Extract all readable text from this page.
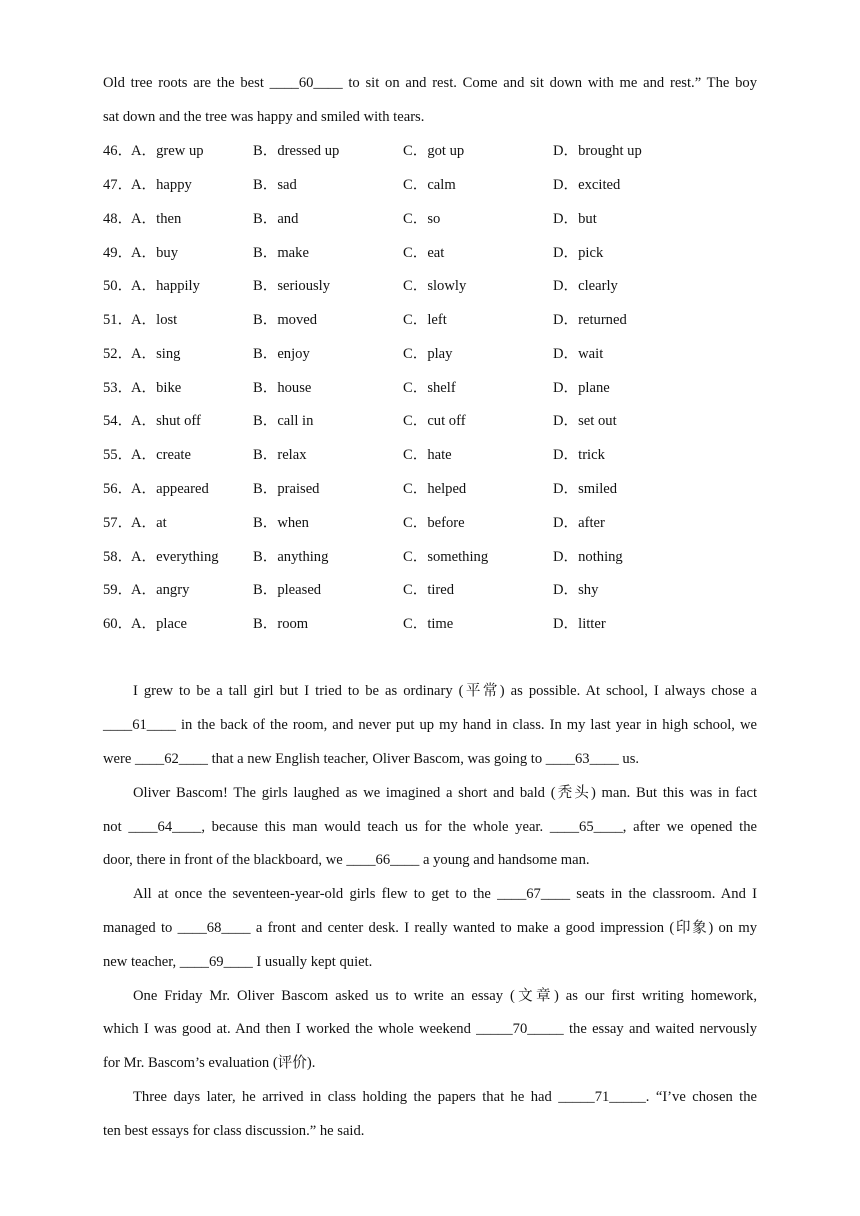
Old tree roots are the best ____60____ to sit on and rest. Come and sit down with me and rest.” The boy
sat down and the tree was happy and smiled with tears.
46．
A．grew up	B．dressed up	C．got up	D．brought up
47．
A．happy	B．sad	C．calm	D．excited
48．
A．then	B．and	C．so	D．but
49．
A．buy	B．make	C．eat	D．pick
50．
A．happily	B．seriously	C．slowly	D．clearly
51．
A．lost	B．moved	C．left	D．returned
52．
A．sing	B．enjoy	C．play	D．wait
53．
A．bike	B．house	C．shelf	D．plane
54．
A．shut off	B．call in	C．cut off	D．set out
55．
A．create	B．relax	C．hate	D．trick
56．
A．appeared	B．praised	C．helped	D．smiled
57．
A．at	B．when	C．before	D．after
58．
A．everything B．anything	C．something	D．nothing
59．
A．angry	B．pleased	C．tired	D．shy
60．
A．place	B．room	C．time	D．litter
I grew to be a tall girl but I tried to be as ordinary (平常) as possible. At school, I always chose a
____61____ in the back of the room, and never put up my hand in class. In my last year in high school, we
were ____62____ that a new English teacher, Oliver Bascom, was going to ____63____ us.
Oliver Bascom! The girls laughed as we imagined a short and bald (秃头) man. But this was in fact
not ____64____, because this man would teach us for the whole year. ____65____, after we opened the
door, there in front of the blackboard, we ____66____ a young and handsome man.
All at once the seventeen-year-old girls flew to get to the ____67____ seats in the classroom. And I
managed to ____68____ a front and center desk. I really wanted to make a good impression (印象) on my
new teacher, ____69____ I usually kept quiet.
One Friday Mr. Oliver Bascom asked us to write an essay (文章) as our first writing homework,
which I was good at. And then I worked the whole weekend _____70_____ the essay and waited nervously
for Mr. Bascom’s evaluation (评价).
Three days later, he arrived in class holding the papers that he had _____71_____. “I’ve chosen the
ten best essays for class discussion.” he said.
